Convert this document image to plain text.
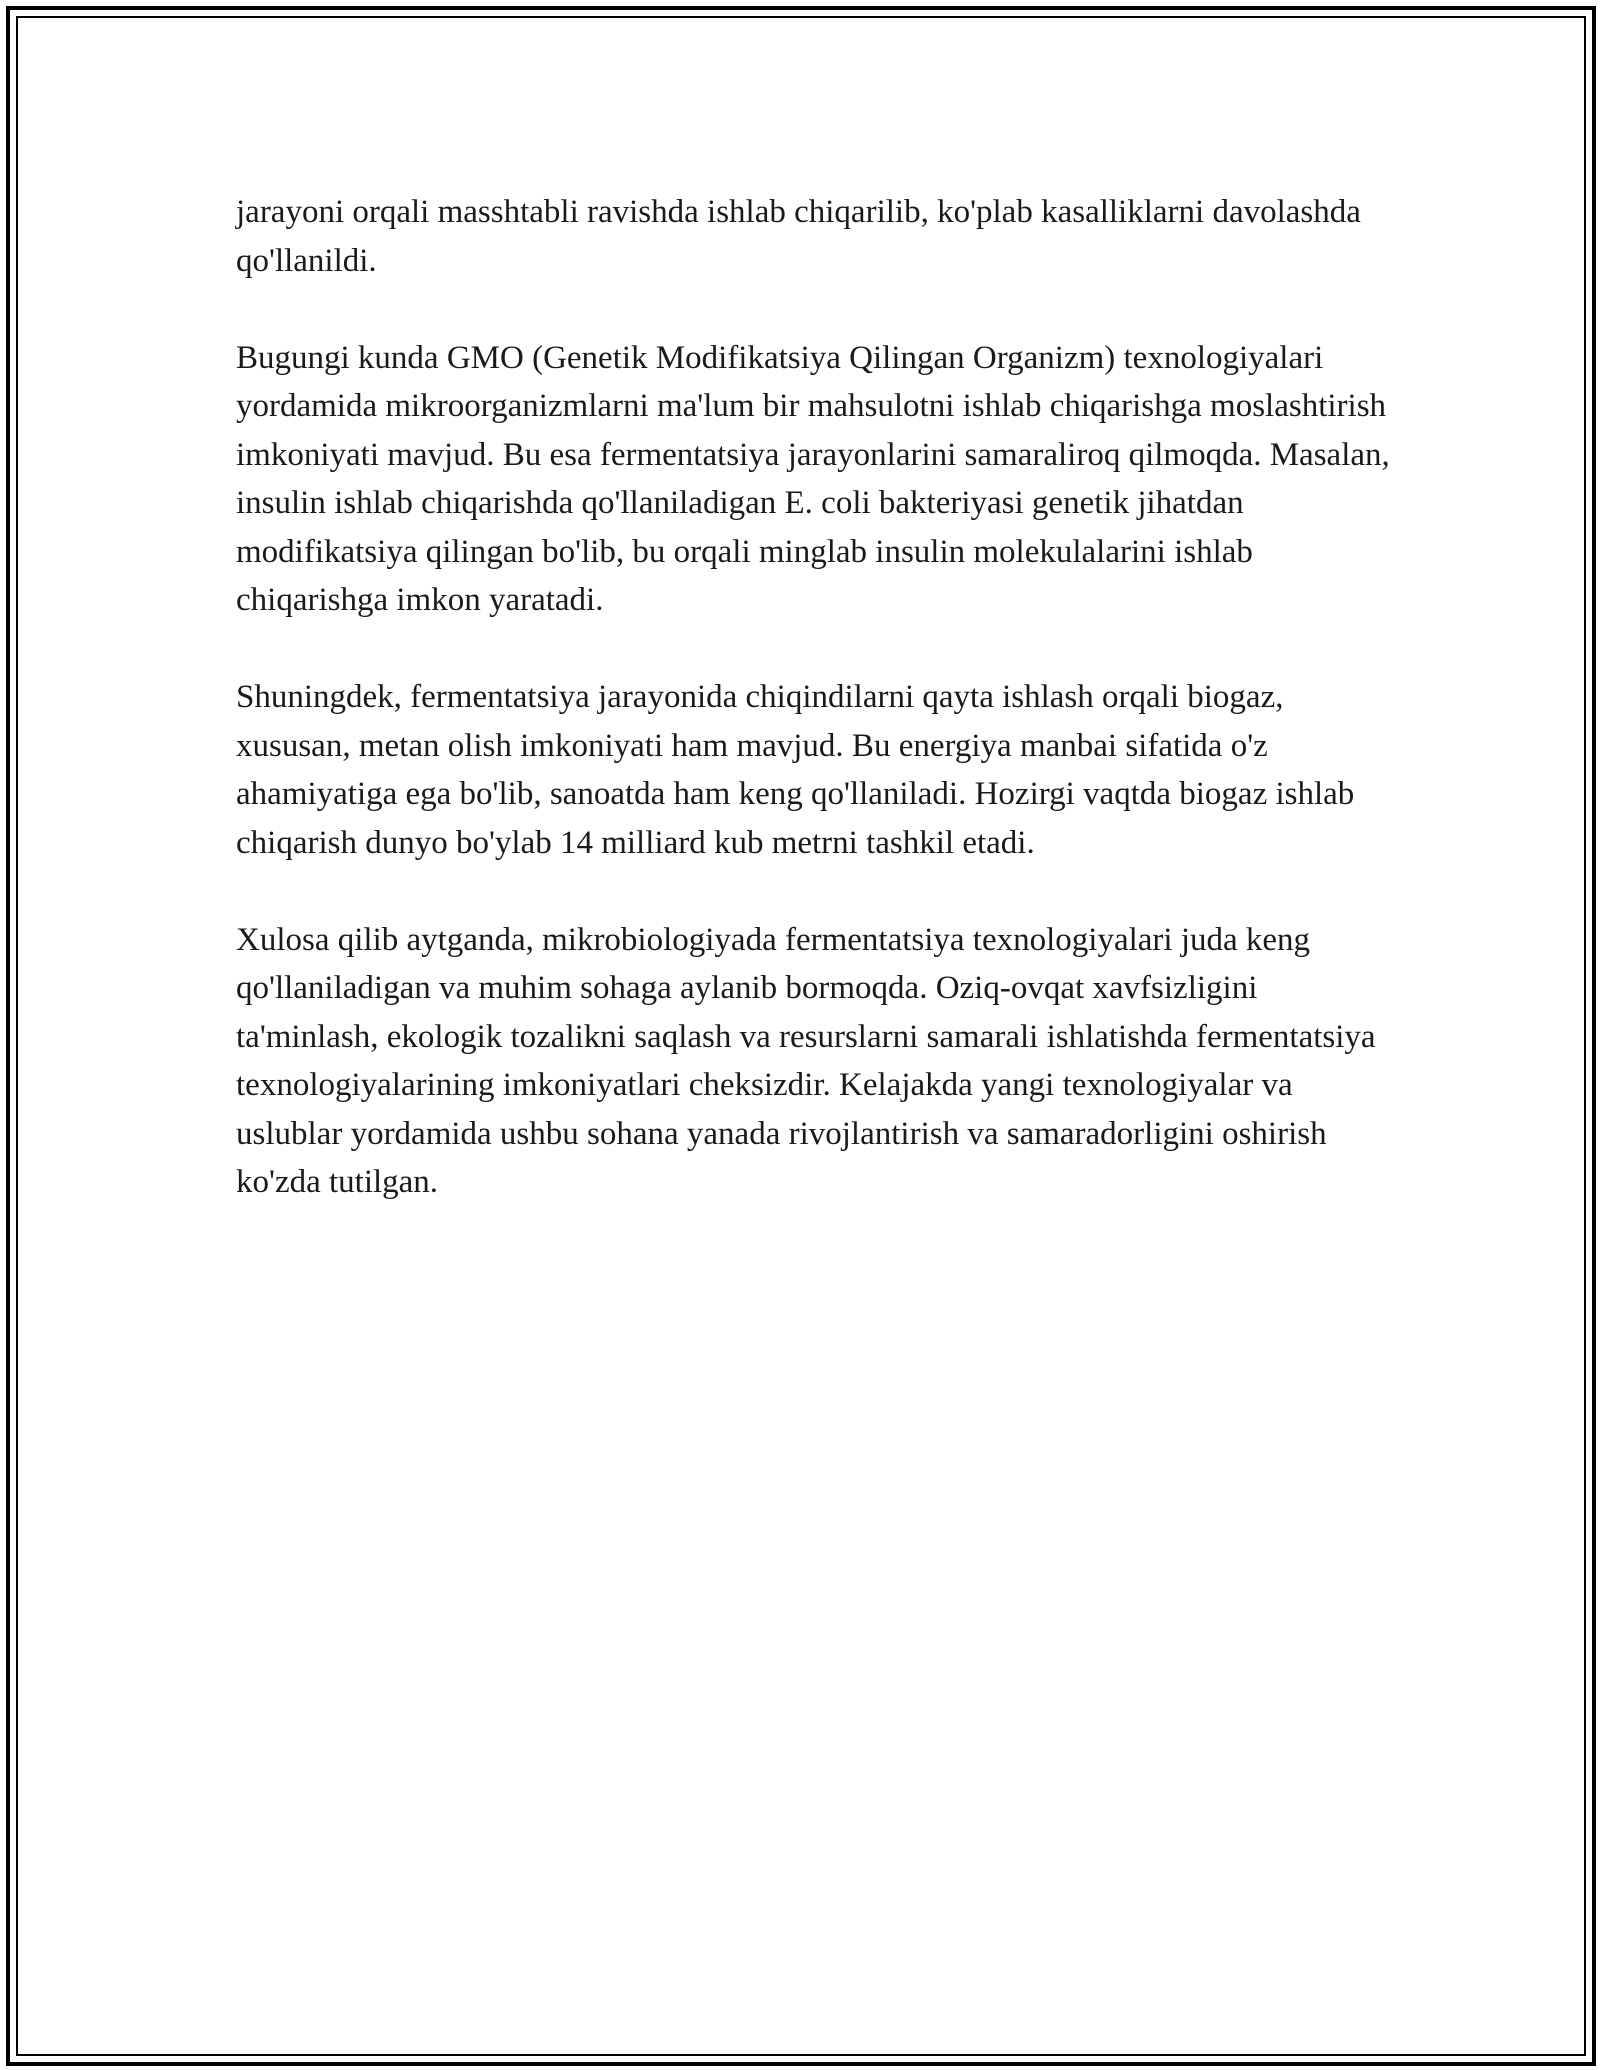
jarayoni orqali masshtabli ravishda ishlab chiqarilib, ko'plab kasalliklarni davolashda qo'llanildi.

Bugungi kunda GMO (Genetik Modifikatsiya Qilingan Organizm) texnologiyalari yordamida mikroorganizmlarni ma'lum bir mahsulotni ishlab chiqarishga moslashtirish imkoniyati mavjud. Bu esa fermentatsiya jarayonlarini samaraliroq qilmoqda. Masalan, insulin ishlab chiqarishda qo'llaniladigan E. coli bakteriyasi genetik jihatdan modifikatsiya qilingan bo'lib, bu orqali minglab insulin molekulalarini ishlab chiqarishga imkon yaratadi.

Shuningdek, fermentatsiya jarayonida chiqindilarni qayta ishlash orqali biogaz, xususan, metan olish imkoniyati ham mavjud. Bu energiya manbai sifatida o'z ahamiyatiga ega bo'lib, sanoatda ham keng qo'llaniladi. Hozirgi vaqtda biogaz ishlab chiqarish dunyo bo'ylab 14 milliard kub metrni tashkil etadi.

Xulosa qilib aytganda, mikrobiologiyada fermentatsiya texnologiyalari juda keng qo'llaniladigan va muhim sohaga aylanib bormoqda. Oziq-ovqat xavfsizligini ta'minlash, ekologik tozalikni saqlash va resurslarni samarali ishlatishda fermentatsiya texnologiyalarining imkoniyatlari cheksizdir. Kelajakda yangi texnologiyalar va uslublar yordamida ushbu sohana yanada rivojlantirish va samaradorligini oshirish ko'zda tutilgan.
